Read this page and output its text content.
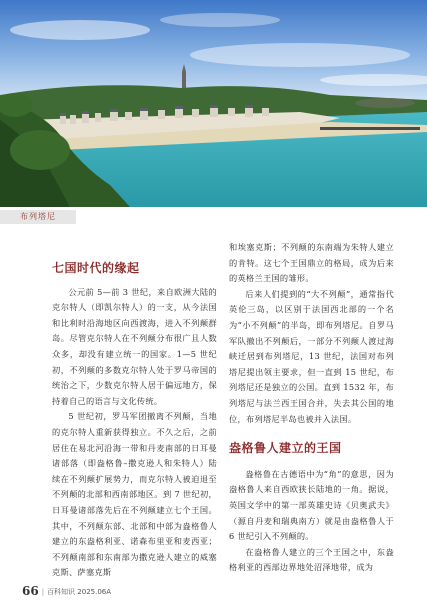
布列塔尼
七国时代的缘起

公元前 5—前 3 世纪，来自欧洲大陆的克尔特人（即凯尔特人）的一支，从今法国和比利时沿海地区向西渡海，进入不列颠群岛。尽管克尔特人在不列颠分布很广且人数众多，却没有建立统一的国家。1—5 世纪初，不列颠的多数克尔特人处于罗马帝国的统治之下，少数克尔特人居于偏远地方，保持着自己的语言与文化传统。

5 世纪初，罗马军团撤离不列颠，当地的克尔特人重新获得独立。不久之后，之前居住在易北河沿海一带和丹麦南部的日耳曼诸部落（即盎格鲁–撒克逊人和朱特人）陆续在不列颠扩展势力，而克尔特人被迫退至不列颠的北部和西南部地区。到 7 世纪初，日耳曼诸部落先后在不列颠建立七个王国。其中，不列颠东部、北部和中部为盎格鲁人建立的东盎格利亚、诺森布里亚和麦西亚；不列颠南部和东南部为撒克逊人建立的威塞克斯、萨塞克斯

和埃塞克斯；不列颠的东南端为朱特人建立的肯特。这七个王国鼎立的格局，成为后来的英格兰王国的雏形。

后来人们提到的“大不列颠”，通常指代英伦三岛，以区别于法国西北部的一个名为“小不列颠”的半岛，即布列塔尼。自罗马军队撤出不列颠后，一部分不列颠人渡过海峡迁居到布列塔尼，13 世纪，法国对布列塔尼提出领主要求，但一直到 15 世纪，布列塔尼还是独立的公国。直到 1532 年，布列塔尼与法兰西王国合并，失去其公国的地位，布列塔尼半岛也被并入法国。

盎格鲁人建立的王国

盎格鲁在古德语中为“角”的意思，因为盎格鲁人来自西欧狭长陆地的一角。据说，英国文学中的第一部英雄史诗《贝奥武夫》（源自丹麦和瑞典南方）就是由盎格鲁人于 6 世纪引入不列颠的。

在盎格鲁人建立的三个王国之中，东盎格利亚的西部边界地处沼泽地带，成为

66 | 百科知识 2025.06A
